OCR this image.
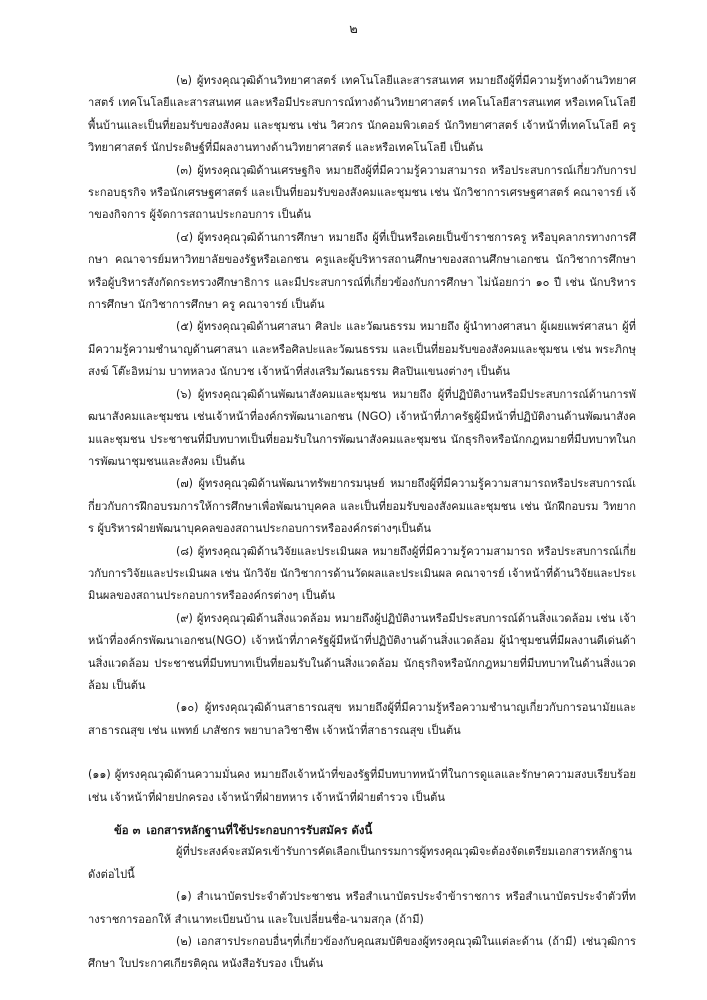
๒

(๒) ผู้ทรงคุณวุฒิด้านวิทยาศาสตร์ เทคโนโลยีและสารสนเทศ หมายถึงผู้ที่มีความรู้ทางด้านวิทยาศาสตร์ เทคโนโลยีและสารสนเทศ และหรือมีประสบการณ์ทางด้านวิทยาศาสตร์ เทคโนโลยีสารสนเทศ หรือเทคโนโลยีพื้นบ้านและเป็นที่ยอมรับของสังคม และชุมชน เช่น วิศวกร นักคอมพิวเตอร์ นักวิทยาศาสตร์ เจ้าหน้าที่เทคโนโลยี ครูวิทยาศาสตร์ นักประดิษฐ์ที่มีผลงานทางด้านวิทยาศาสตร์ และหรือเทคโนโลยี เป็นต้น

(๓) ผู้ทรงคุณวุฒิด้านเศรษฐกิจ หมายถึงผู้ที่มีความรู้ความสามารถ หรือประสบการณ์เกี่ยวกับการประกอบธุรกิจ หรือนักเศรษฐศาสตร์ และเป็นที่ยอมรับของสังคมและชุมชน เช่น นักวิชาการเศรษฐศาสตร์ คณาจารย์ เจ้าของกิจการ ผู้จัดการสถานประกอบการ เป็นต้น

(๔) ผู้ทรงคุณวุฒิด้านการศึกษา หมายถึง ผู้ที่เป็นหรือเคยเป็นข้าราชการครู หรือบุคลากรทางการศึกษา คณาจารย์มหาวิทยาลัยของรัฐหรือเอกชน ครูและผู้บริหารสถานศึกษาของสถานศึกษาเอกชน นักวิชาการศึกษา หรือผู้บริหารสังกัดกระทรวงศึกษาธิการ และมีประสบการณ์ที่เกี่ยวข้องกับการศึกษา ไม่น้อยกว่า ๑๐ ปี เช่น นักบริหารการศึกษา นักวิชาการศึกษา ครู คณาจารย์ เป็นต้น

(๕) ผู้ทรงคุณวุฒิด้านศาสนา ศิลปะ และวัฒนธรรม หมายถึง ผู้นำทางศาสนา ผู้เผยแพร่ศาสนา ผู้ที่มีความรู้ความชำนาญด้านศาสนา และหรือศิลปะและวัฒนธรรม และเป็นที่ยอมรับของสังคมและชุมชน เช่น พระภิกษุสงฆ์ โต๊ะอิหม่าม บาทหลวง นักบวช เจ้าหน้าที่ส่งเสริมวัฒนธรรม ศิลปินแขนงต่างๆ เป็นต้น

(๖) ผู้ทรงคุณวุฒิด้านพัฒนาสังคมและชุมชน หมายถึง ผู้ที่ปฏิบัติงานหรือมีประสบการณ์ด้านการพัฒนาสังคมและชุมชน เช่นเจ้าหน้าที่องค์กรพัฒนาเอกชน (NGO) เจ้าหน้าที่ภาครัฐผู้มีหน้าที่ปฏิบัติงานด้านพัฒนาสังคมและชุมชน ประชาชนที่มีบทบาทเป็นที่ยอมรับในการพัฒนาสังคมและชุมชน นักธุรกิจหรือนักกฎหมายที่มีบทบาทในการพัฒนาชุมชนและสังคม เป็นต้น

(๗) ผู้ทรงคุณวุฒิด้านพัฒนาทรัพยากรมนุษย์ หมายถึงผู้ที่มีความรู้ความสามารถหรือประสบการณ์เกี่ยวกับการฝึกอบรมการให้การศึกษาเพื่อพัฒนาบุคคล และเป็นที่ยอมรับของสังคมและชุมชน เช่น นักฝึกอบรม วิทยากร ผู้บริหารฝ่ายพัฒนาบุคคลของสถานประกอบการหรือองค์กรต่างๆเป็นต้น

(๘) ผู้ทรงคุณวุฒิด้านวิจัยและประเมินผล หมายถึงผู้ที่มีความรู้ความสามารถ หรือประสบการณ์เกี่ยวกับการวิจัยและประเมินผล เช่น นักวิจัย นักวิชาการด้านวัดผลและประเมินผล คณาจารย์ เจ้าหน้าที่ด้านวิจัยและประเมินผลของสถานประกอบการหรือองค์กรต่างๆ เป็นต้น

(๙) ผู้ทรงคุณวุฒิด้านสิ่งแวดล้อม หมายถึงผู้ปฏิบัติงานหรือมีประสบการณ์ด้านสิ่งแวดล้อม เช่น เจ้าหน้าที่องค์กรพัฒนาเอกชน(NGO) เจ้าหน้าที่ภาครัฐผู้มีหน้าที่ปฏิบัติงานด้านสิ่งแวดล้อม ผู้นำชุมชนที่มีผลงานดีเด่นด้านสิ่งแวดล้อม ประชาชนที่มีบทบาทเป็นที่ยอมรับในด้านสิ่งแวดล้อม นักธุรกิจหรือนักกฎหมายที่มีบทบาทในด้านสิ่งแวดล้อม เป็นต้น

(๑๐) ผู้ทรงคุณวุฒิด้านสาธารณสุข หมายถึงผู้ที่มีความรู้หรือความชำนาญเกี่ยวกับการอนามัยและสาธารณสุข เช่น แพทย์ เภสัชกร พยาบาลวิชาชีพ เจ้าหน้าที่สาธารณสุข เป็นต้น

(๑๑) ผู้ทรงคุณวุฒิด้านความมั่นคง หมายถึงเจ้าหน้าที่ของรัฐที่มีบทบาทหน้าที่ในการดูแลและรักษาความสงบเรียบร้อย เช่น เจ้าหน้าที่ฝ่ายปกครอง เจ้าหน้าที่ฝ่ายทหาร เจ้าหน้าที่ฝ่ายตำรวจ เป็นต้น

ข้อ ๓ เอกสารหลักฐานที่ใช้ประกอบการรับสมัคร ดังนี้

ผู้ที่ประสงค์จะสมัครเข้ารับการคัดเลือกเป็นกรรมการผู้ทรงคุณวุฒิจะต้องจัดเตรียมเอกสารหลักฐานดังต่อไปนี้

(๑) สำเนาบัตรประจำตัวประชาชน หรือสำเนาบัตรประจำข้าราชการ หรือสำเนาบัตรประจำตัวที่ทางราชการออกให้ สำเนาทะเบียนบ้าน และใบเปลี่ยนชื่อ-นามสกุล (ถ้ามี)

(๒) เอกสารประกอบอื่นๆที่เกี่ยวข้องกับคุณสมบัติของผู้ทรงคุณวุฒิในแต่ละด้าน (ถ้ามี) เช่นวุฒิการศึกษา ใบประกาศเกียรติคุณ หนังสือรับรอง เป็นต้น
